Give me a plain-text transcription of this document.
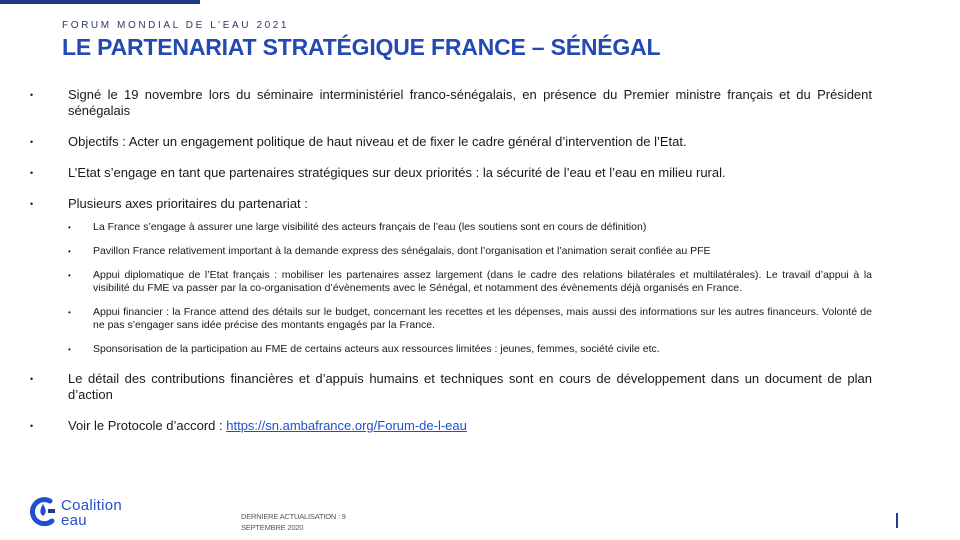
FORUM MONDIAL DE L’EAU 2021
LE PARTENARIAT STRATÉGIQUE FRANCE – SÉNÉGAL
•	Signé le 19 novembre lors du séminaire interministériel franco-sénégalais, en présence du Premier ministre français et du Président sénégalais
•	Objectifs : Acter un engagement politique de haut niveau et de fixer le cadre général d’intervention de l’Etat.
•	L’Etat s’engage en tant que partenaires stratégiques sur deux priorités : la sécurité de l’eau et l’eau en milieu rural.
•	Plusieurs axes prioritaires du partenariat :
• La France s’engage à assurer une large visibilité des acteurs français de l’eau (les soutiens sont en cours de définition)
• Pavillon France relativement important à la demande express des sénégalais, dont l’organisation et l’animation serait confiée au PFE
• Appui diplomatique de l’Etat français : mobiliser les partenaires assez largement (dans le cadre des relations bilatérales et multilatérales). Le travail d’appui à la visibilité du FME va passer par la co-organisation d’évènements avec le Sénégal, et notamment des évènements déjà organisés en France.
• Appui financier : la France attend des détails sur le budget, concernant les recettes et les dépenses, mais aussi des informations sur les autres financeurs. Volonté de ne pas s’engager sans idée précise des montants engagés par la France.
• Sponsorisation de la participation au FME de certains acteurs aux ressources limitées : jeunes, femmes, société civile etc.
•	Le détail des contributions financières et d’appuis humains et techniques sont en cours de développement dans un document de plan d’action
•	Voir le Protocole d’accord : https://sn.ambafrance.org/Forum-de-l-eau
Coalition
eau	DERNIERE ACTUALISATION : 9
SEPTEMBRE 2020
